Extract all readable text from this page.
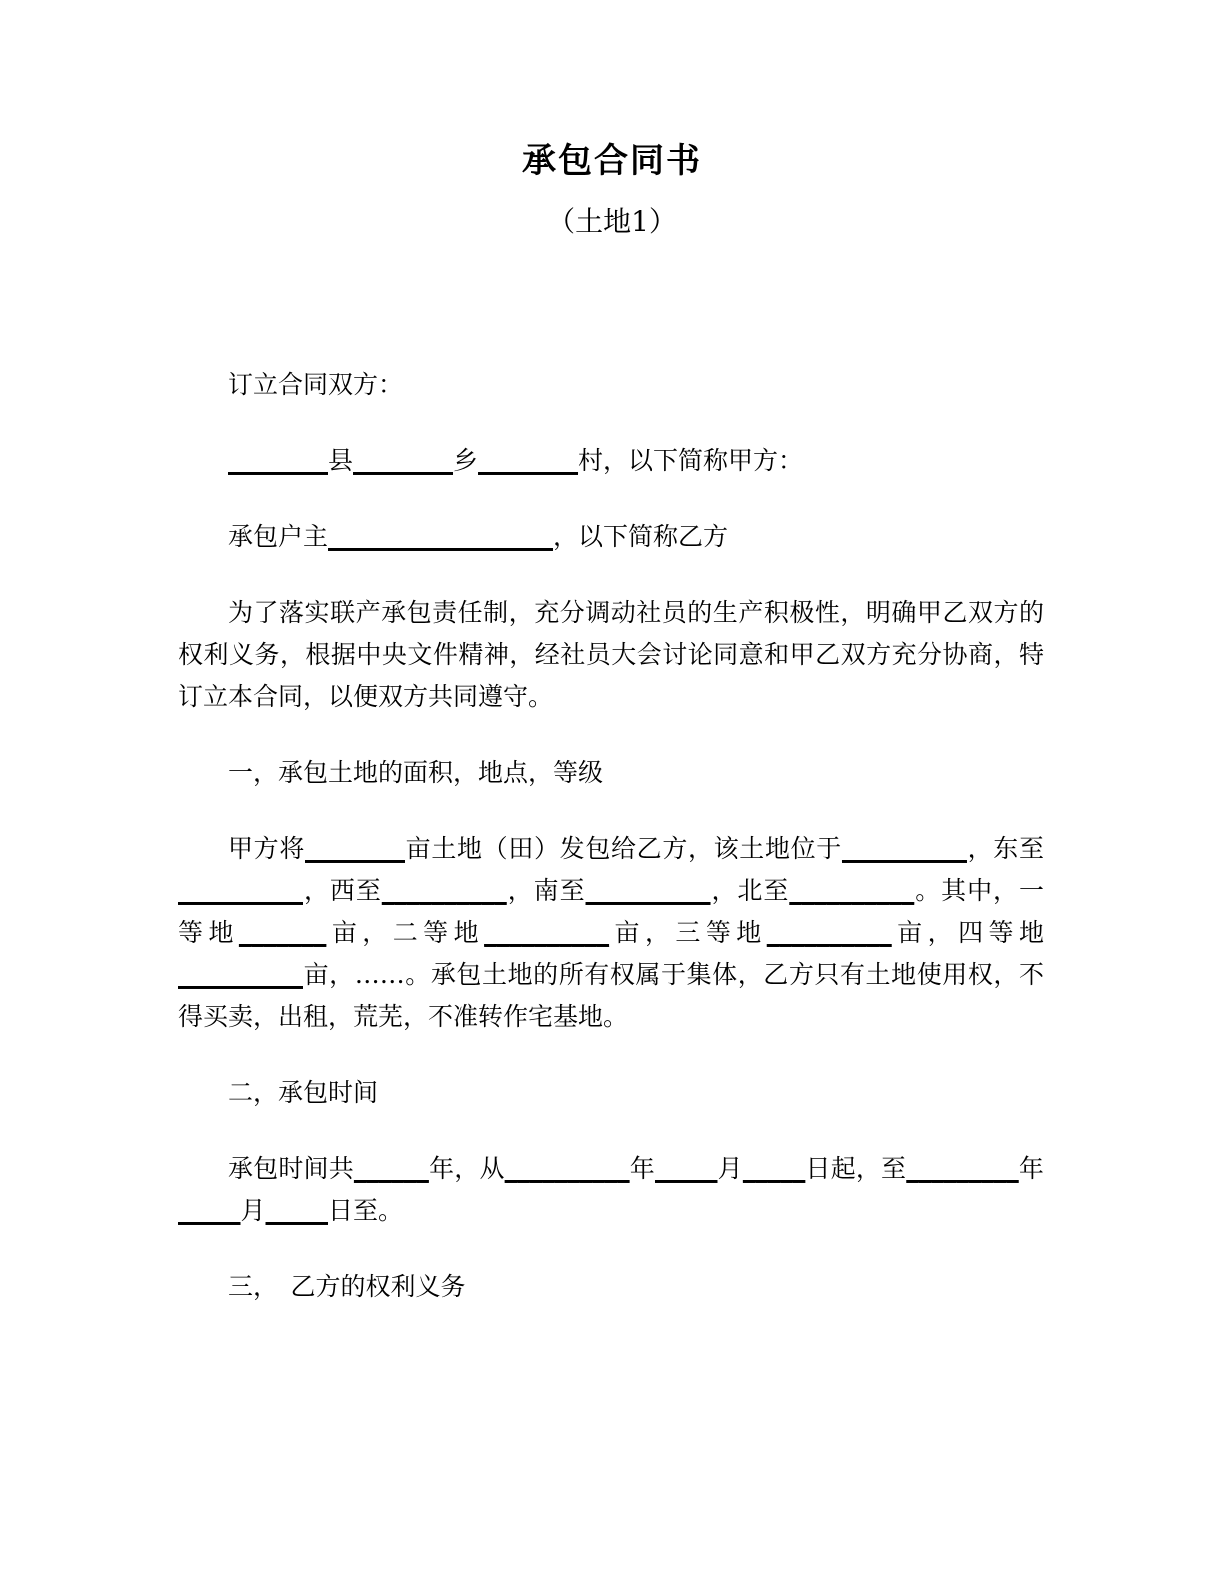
承包合同书
（土地1）

订立合同双方：

________县________乡________村，以下简称甲方：

承包户主__________________，以下简称乙方

为了落实联产承包责任制，充分调动社员的生产积极性，明确甲乙双方的权利义务，根据中央文件精神，经社员大会讨论同意和甲乙双方充分协商，特订立本合同，以便双方共同遵守。

一，承包土地的面积，地点，等级

甲方将________亩土地（田）发包给乙方，该土地位于__________，东至__________，西至__________，南至__________，北至__________。其中，一等地_______亩，二等地__________亩，三等地__________亩，四等地__________亩，……。承包土地的所有权属于集体，乙方只有土地使用权，不得买卖，出租，荒芜，不准转作宅基地。

二，承包时间

承包时间共______年，从__________年_____月_____日起，至_________年_____月_____日至。

三，　乙方的权利义务
